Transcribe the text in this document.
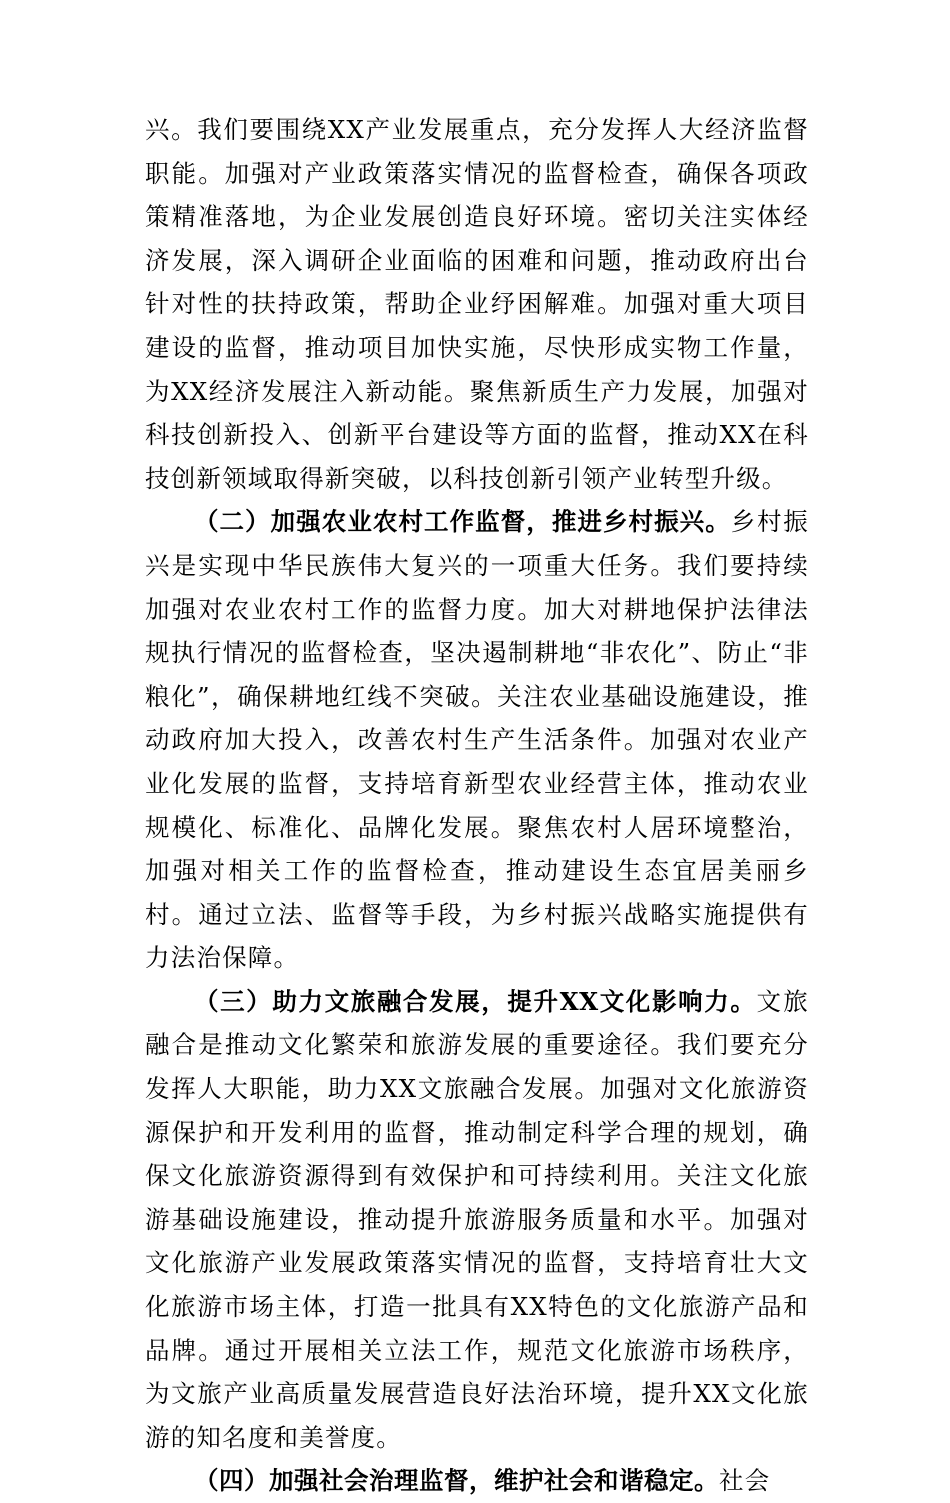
兴。我们要围绕XX产业发展重点，充分发挥人大经济监督职能。加强对产业政策落实情况的监督检查，确保各项政策精准落地，为企业发展创造良好环境。密切关注实体经济发展，深入调研企业面临的困难和问题，推动政府出台针对性的扶持政策，帮助企业纾困解难。加强对重大项目建设的监督，推动项目加快实施，尽快形成实物工作量，为XX经济发展注入新动能。聚焦新质生产力发展，加强对科技创新投入、创新平台建设等方面的监督，推动XX在科技创新领域取得新突破，以科技创新引领产业转型升级。

（二）加强农业农村工作监督，推进乡村振兴。乡村振兴是实现中华民族伟大复兴的一项重大任务。我们要持续加强对农业农村工作的监督力度。加大对耕地保护法律法规执行情况的监督检查，坚决遏制耕地“非农化”、防止“非粮化”，确保耕地红线不突破。关注农业基础设施建设，推动政府加大投入，改善农村生产生活条件。加强对农业产业化发展的监督，支持培育新型农业经营主体，推动农业规模化、标准化、品牌化发展。聚焦农村人居环境整治，加强对相关工作的监督检查，推动建设生态宜居美丽乡村。通过立法、监督等手段，为乡村振兴战略实施提供有力法治保障。

（三）助力文旅融合发展，提升XX文化影响力。文旅融合是推动文化繁荣和旅游发展的重要途径。我们要充分发挥人大职能，助力XX文旅融合发展。加强对文化旅游资源保护和开发利用的监督，推动制定科学合理的规划，确保文化旅游资源得到有效保护和可持续利用。关注文化旅游基础设施建设，推动提升旅游服务质量和水平。加强对文化旅游产业发展政策落实情况的监督，支持培育壮大文化旅游市场主体，打造一批具有XX特色的文化旅游产品和品牌。通过开展相关立法工作，规范文化旅游市场秩序，为文旅产业高质量发展营造良好法治环境，提升XX文化旅游的知名度和美誉度。

（四）加强社会治理监督，维护社会和谐稳定。社会
